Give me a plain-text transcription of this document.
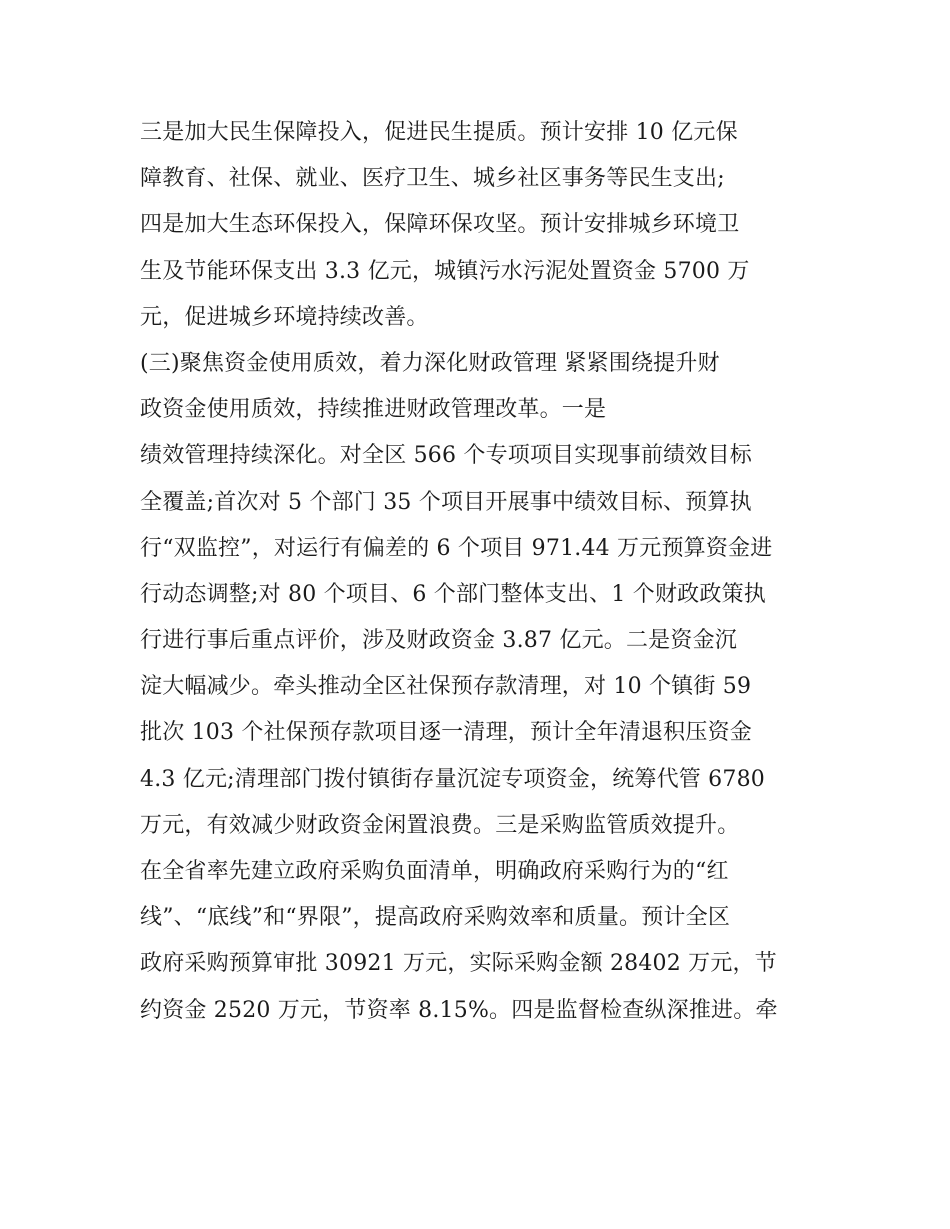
三是加大民生保障投入，促进民生提质。预计安排 10 亿元保
障教育、社保、就业、医疗卫生、城乡社区事务等民生支出;
四是加大生态环保投入，保障环保攻坚。预计安排城乡环境卫
生及节能环保支出 3.3 亿元，城镇污水污泥处置资金 5700 万
元，促进城乡环境持续改善。
(三)聚焦资金使用质效，着力深化财政管理 紧紧围绕提升财
政资金使用质效，持续推进财政管理改革。一是
绩效管理持续深化。对全区 566 个专项项目实现事前绩效目标
全覆盖;首次对 5 个部门 35 个项目开展事中绩效目标、预算执
行“双监控”，对运行有偏差的 6 个项目 971.44 万元预算资金进
行动态调整;对 80 个项目、6 个部门整体支出、1 个财政政策执
行进行事后重点评价，涉及财政资金 3.87 亿元。二是资金沉
淀大幅减少。牵头推动全区社保预存款清理，对 10 个镇街 59
批次 103 个社保预存款项目逐一清理，预计全年清退积压资金
4.3 亿元;清理部门拨付镇街存量沉淀专项资金，统筹代管 6780
万元，有效减少财政资金闲置浪费。三是采购监管质效提升。
在全省率先建立政府采购负面清单，明确政府采购行为的“红
线”、“底线”和“界限”，提高政府采购效率和质量。预计全区
政府采购预算审批 30921 万元，实际采购金额 28402 万元，节
约资金 2520 万元，节资率 8.15%。四是监督检查纵深推进。牵
